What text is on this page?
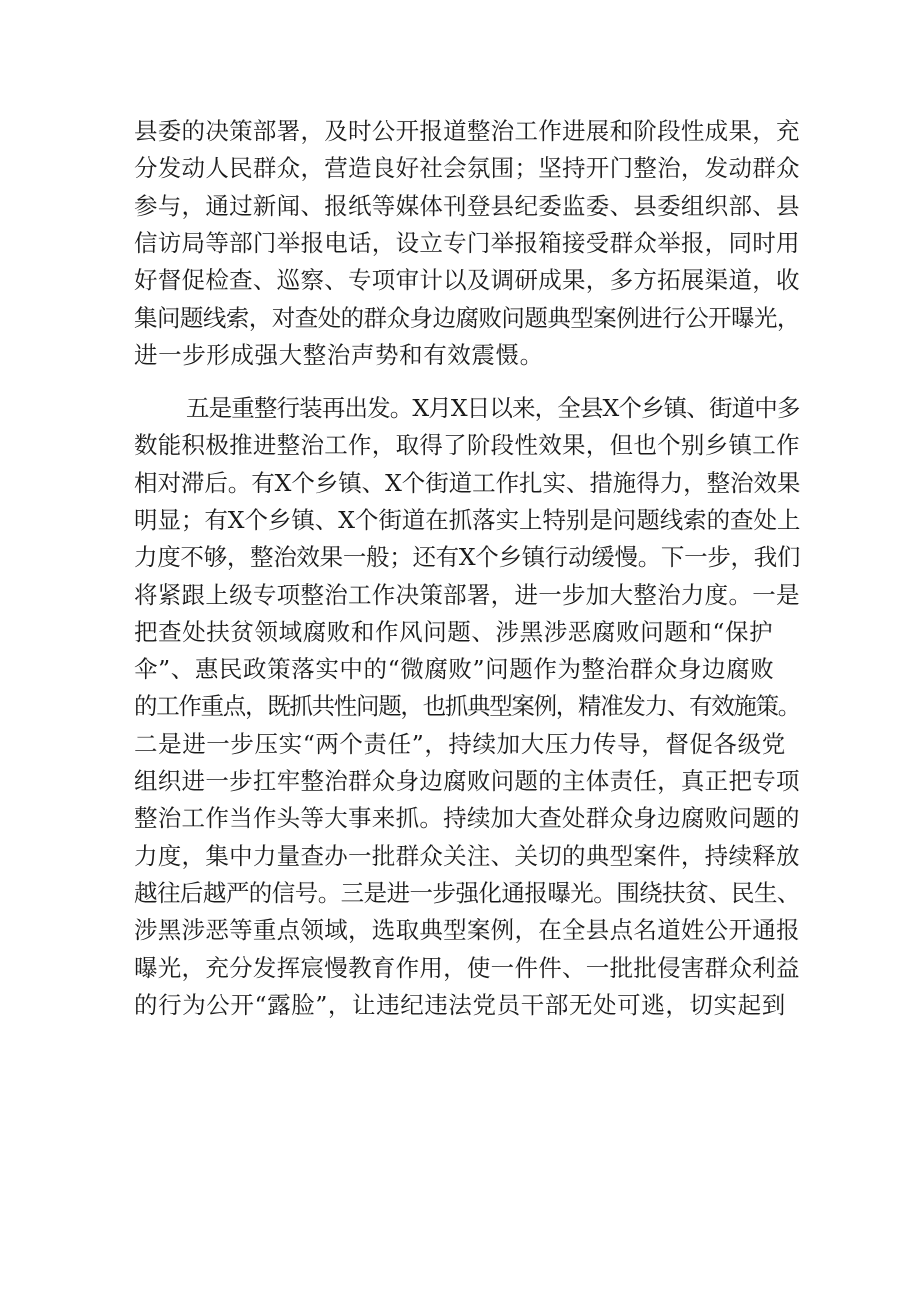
县委的决策部署，及时公开报道整治工作进展和阶段性成果，充
分发动人民群众，营造良好社会氛围；坚持开门整治，发动群众
参与，通过新闻、报纸等媒体刊登县纪委监委、县委组织部、县
信访局等部门举报电话，设立专门举报箱接受群众举报，同时用
好督促检查、巡察、专项审计以及调研成果，多方拓展渠道，收
集问题线索，对查处的群众身边腐败问题典型案例进行公开曝光，
进一步形成强大整治声势和有效震慑。
五是重整行装再出发。X月X日以来，全县X个乡镇、街道中多
数能积极推进整治工作，取得了阶段性效果，但也个别乡镇工作
相对滞后。有X个乡镇、X个街道工作扎实、措施得力，整治效果
明显；有X个乡镇、X个街道在抓落实上特别是问题线索的查处上
力度不够，整治效果一般；还有X个乡镇行动缓慢。下一步，我们
将紧跟上级专项整治工作决策部署，进一步加大整治力度。一是
把查处扶贫领域腐败和作风问题、涉黑涉恶腐败问题和“保护
伞”、惠民政策落实中的“微腐败”问题作为整治群众身边腐败
的工作重点，既抓共性问题，也抓典型案例，精准发力、有效施策。
二是进一步压实“两个责任”，持续加大压力传导，督促各级党
组织进一步扛牢整治群众身边腐败问题的主体责任，真正把专项
整治工作当作头等大事来抓。持续加大查处群众身边腐败问题的
力度，集中力量查办一批群众关注、关切的典型案件，持续释放
越往后越严的信号。三是进一步强化通报曝光。围绕扶贫、民生、
涉黑涉恶等重点领域，选取典型案例，在全县点名道姓公开通报
曝光，充分发挥宸慢教育作用，使一件件、一批批侵害群众利益
的行为公开“露脸”，让违纪违法党员干部无处可逃，切实起到
